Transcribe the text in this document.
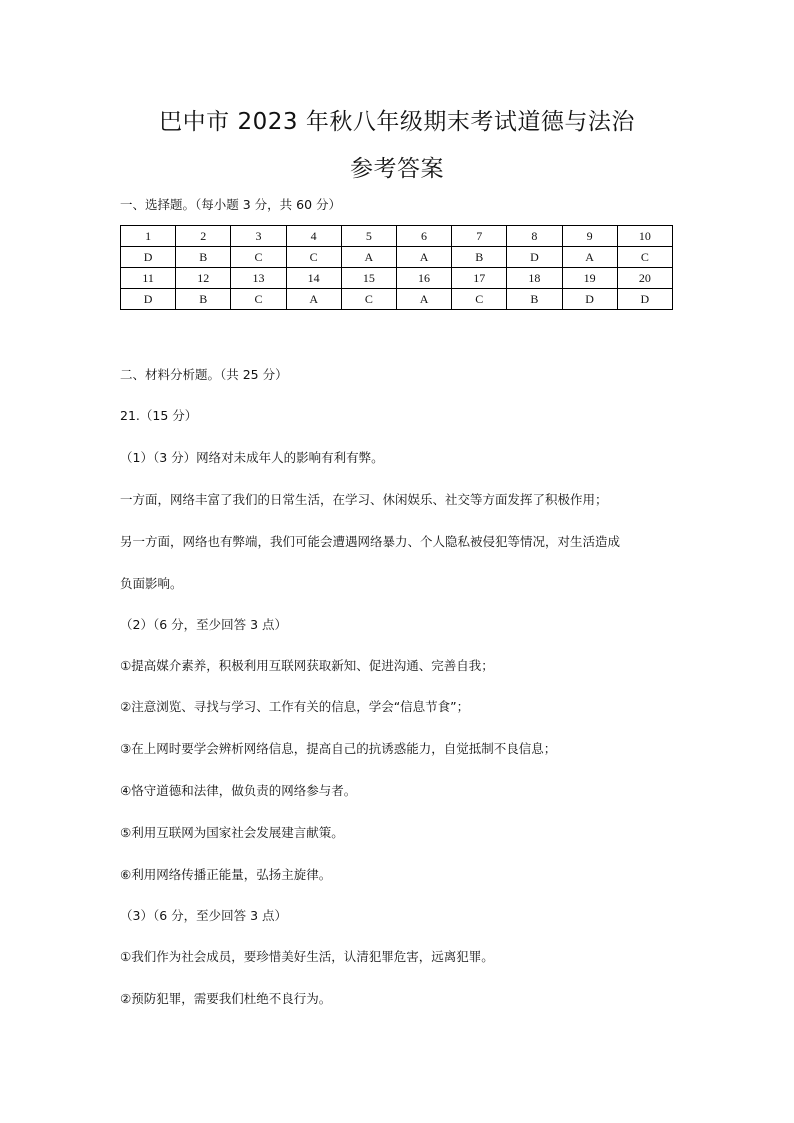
巴中市 2023 年秋八年级期末考试道德与法治
参考答案
一、选择题。（每小题 3 分，共 60 分）
1	2	3	4	5	6	7	8	9	10
D	B	C	C	A	A	B	D	A	C
11	12	13	14	15	16	17	18	19	20
D	B	C	A	C	A	C	B	D	D
二、材料分析题。（共 25 分）
21.（15 分）
（1）（3 分）网络对未成年人的影响有利有弊。
一方面，网络丰富了我们的日常生活，在学习、休闲娱乐、社交等方面发挥了积极作用；
另一方面，网络也有弊端，我们可能会遭遇网络暴力、个人隐私被侵犯等情况，对生活造成
负面影响。
（2）（6 分，至少回答 3 点）
①提高媒介素养，积极利用互联网获取新知、促进沟通、完善自我；
②注意浏览、寻找与学习、工作有关的信息，学会“信息节食”；
③在上网时要学会辨析网络信息，提高自己的抗诱惑能力，自觉抵制不良信息；
④恪守道德和法律，做负责的网络参与者。
⑤利用互联网为国家社会发展建言献策。
⑥利用网络传播正能量，弘扬主旋律。
（3）（6 分，至少回答 3 点）
①我们作为社会成员，要珍惜美好生活，认清犯罪危害，远离犯罪。
②预防犯罪，需要我们杜绝不良行为。
